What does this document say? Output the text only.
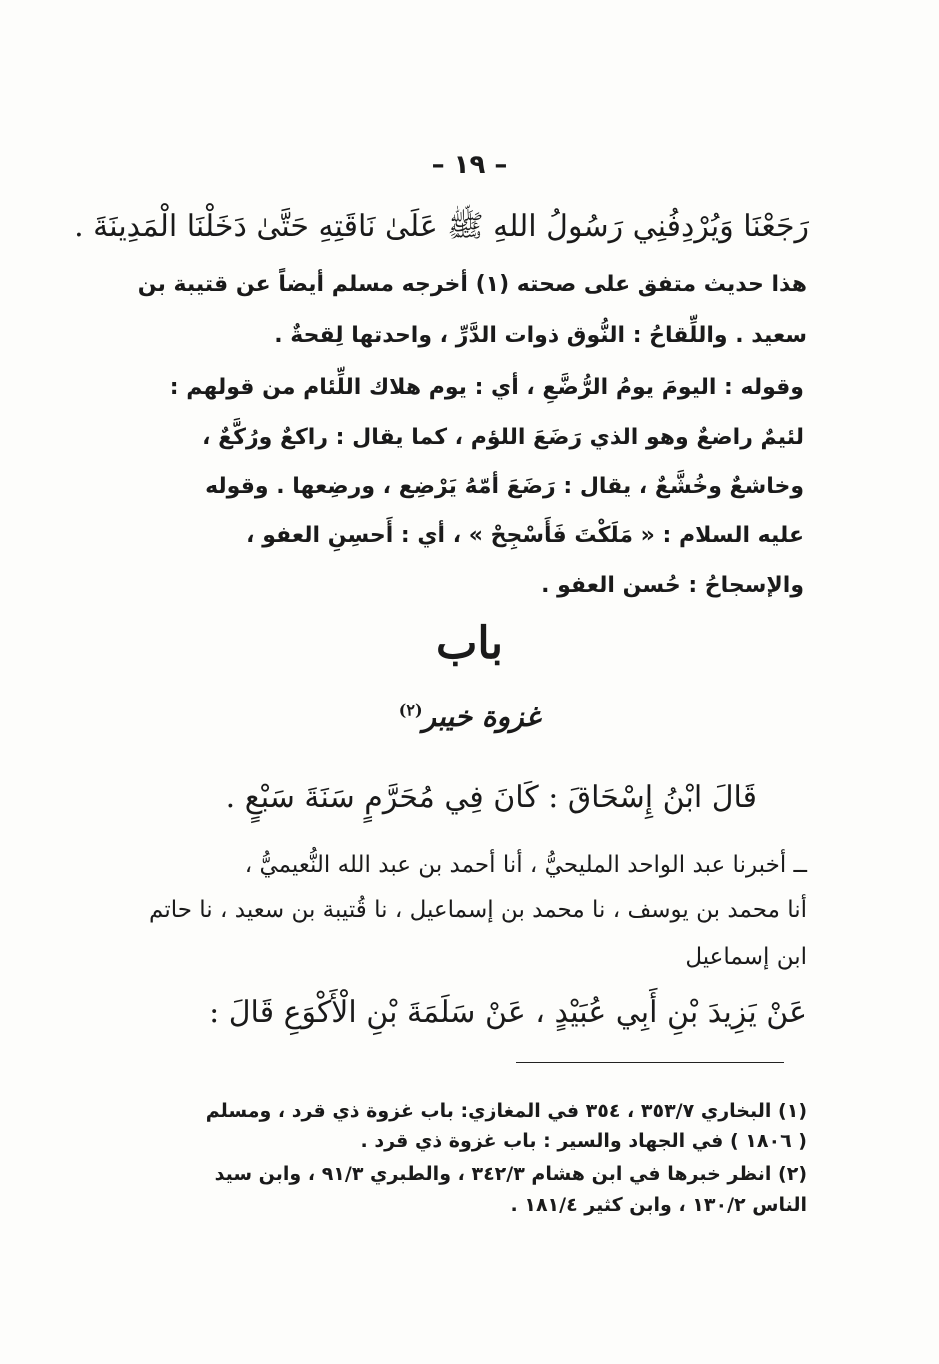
– ١٩ –
رَجَعْنَا وَيُرْدِفُنِي رَسُولُ اللهِ ﷺ عَلَىٰ نَاقَتِهِ حَتَّىٰ دَخَلْنَا الْمَدِينَةَ .
هذا حديث متفق على صحته (١) أخرجه مسلم أيضاً عن قتيبة بن
سعيد . واللِّقاحُ : النُّوق ذوات الدَّرِّ ، واحدتها لِقحةٌ .
وقوله : اليومَ يومُ الرُّضَّعِ ، أي : يوم هلاك اللِّئام من قولهم :
لئيمٌ راضعٌ وهو الذي رَضَعَ اللؤم ، كما يقال : راكعٌ ورُكَّعٌ ،
وخاشعٌ وخُشَّعٌ ، يقال : رَضَعَ أمّهُ يَرْضِع ، ورضِعها . وقوله
عليه السلام : « مَلَكْتَ فَأَسْجِحْ » ، أي : أَحسِنِ العفو ،
والإسجاحُ : حُسن العفو .
باب
غزوة خيبر$^{(٢)}$
قَالَ ابْنُ إِسْحَاقَ : كَانَ فِي مُحَرَّمٍ سَنَةَ سَبْعٍ .
ــ أخبرنا عبد الواحد المليحيُّ ، أنا أحمد بن عبد الله النُّعيميُّ ،
أنا محمد بن يوسف ، نا محمد بن إسماعيل ، نا قُتيبة بن سعيد ، نا حاتم
ابن إسماعيل
عَنْ يَزِيدَ بْنِ أَبِي عُبَيْدٍ ، عَنْ سَلَمَةَ بْنِ الْأَكْوَعِ قَالَ :
(١) البخاري ٣٥٣/٧ ، ٣٥٤ في المغازي: باب غزوة ذي قرد ، ومسلم
( ١٨٠٦ ) في الجهاد والسير : باب غزوة ذي قرد .
(٢) انظر خبرها في ابن هشام ٣٤٢/٣ ، والطبري ٩١/٣ ، وابن سيد
الناس ١٣٠/٢ ، وابن كثير ١٨١/٤ .
